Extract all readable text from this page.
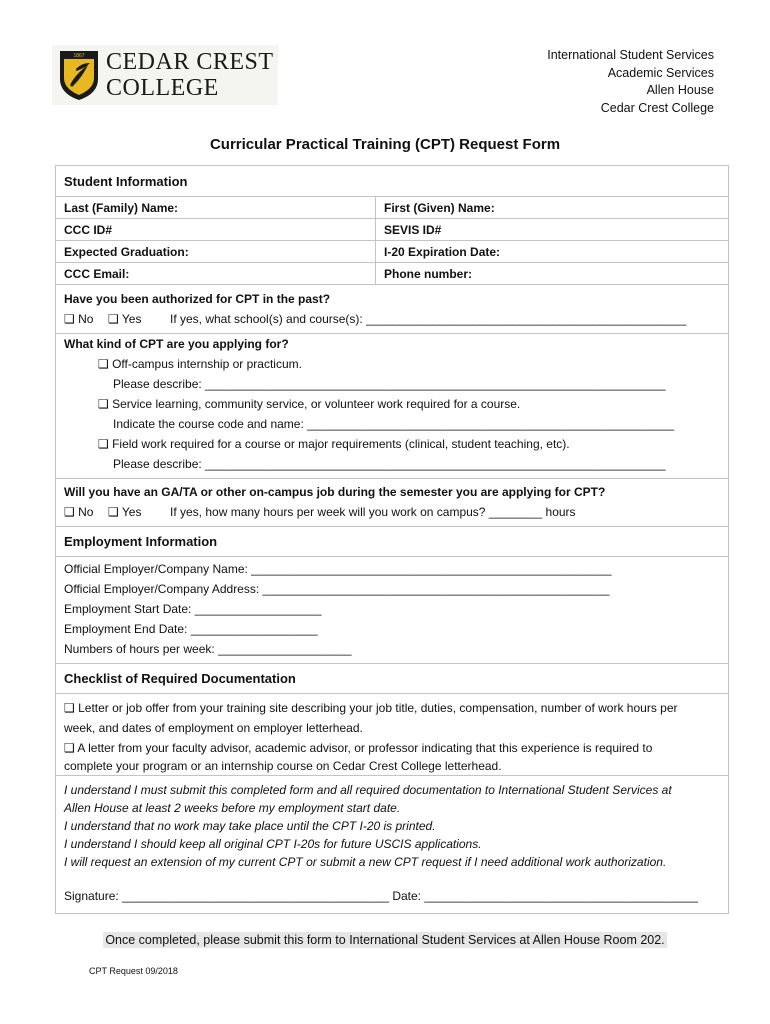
1867 CEDAR CREST
COLLEGE
International Student Services
Academic Services
Allen House
Cedar Crest College
Curricular Practical Training (CPT) Request Form
Student Information
Last (Family) Name:	First (Given) Name:
CCC ID#	SEVIS ID#
Expected Graduation:	I-20 Expiration Date:
CCC Email:	Phone number:
Have you been authorized for CPT in the past?
❑ No ❑ Yes If yes, what school(s) and course(s): ________________________________________________
What kind of CPT are you applying for?
❑ Off-campus internship or practicum.
Please describe: _____________________________________________________________________
❑ Service learning, community service, or volunteer work required for a course.
Indicate the course code and name: _______________________________________________________
❑ Field work required for a course or major requirements (clinical, student teaching, etc).
Please describe: _____________________________________________________________________
Will you have an GA/TA or other on-campus job during the semester you are applying for CPT?
❑ No ❑ Yes If yes, how many hours per week will you work on campus? ________ hours
Employment Information
Official Employer/Company Name: ______________________________________________________
Official Employer/Company Address: ____________________________________________________
Employment Start Date: ___________________
Employment End Date: ___________________
Numbers of hours per week: ____________________
Checklist of Required Documentation
❑ Letter or job offer from your training site describing your job title, duties, compensation, number of work hours per
week, and dates of employment on employer letterhead.
❑ A letter from your faculty advisor, academic advisor, or professor indicating that this experience is required to
complete your program or an internship course on Cedar Crest College letterhead.
I understand I must submit this completed form and all required documentation to International Student Services at
Allen House at least 2 weeks before my employment start date.
I understand that no work may take place until the CPT I-20 is printed.
I understand I should keep all original CPT I-20s for future USCIS applications.
I will request an extension of my current CPT or submit a new CPT request if I need additional work authorization.
Signature: ________________________________________ Date: _________________________________________
Once completed, please submit this form to International Student Services at Allen House Room 202.
CPT Request 09/2018
